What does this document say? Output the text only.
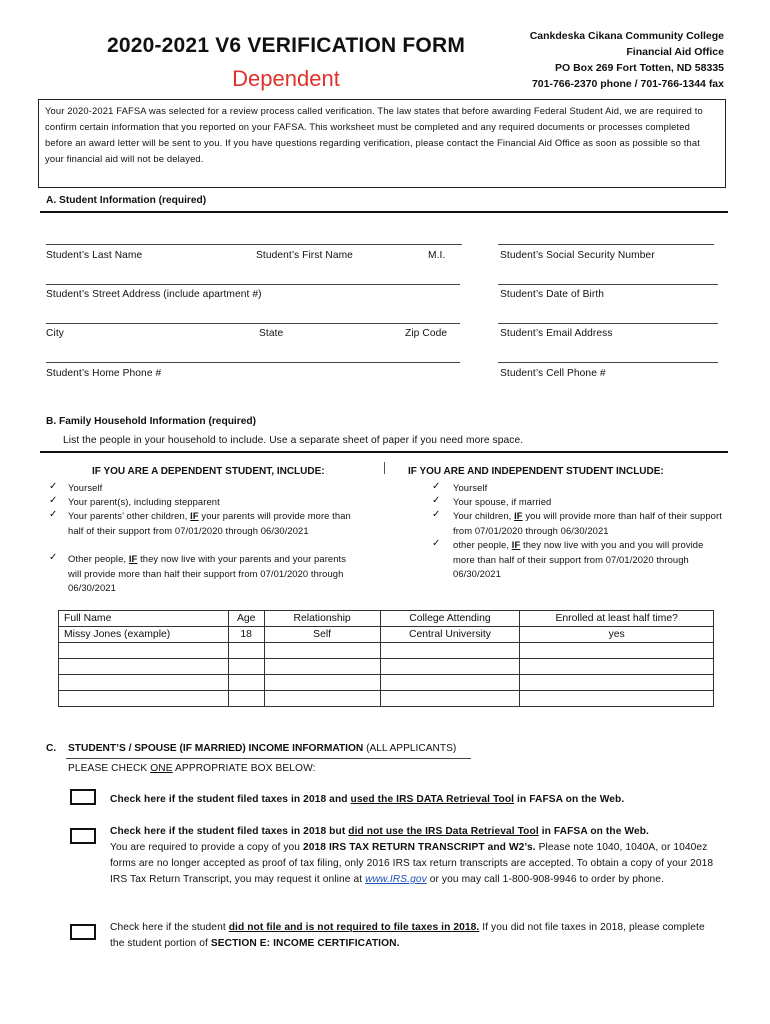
2020-2021 V6 VERIFICATION FORM
Dependent
Cankdeska Cikana Community College
Financial Aid Office
PO Box 269 Fort Totten, ND 58335
701-766-2370 phone / 701-766-1344 fax
Your 2020-2021 FAFSA was selected for a review process called verification. The law states that before awarding Federal Student Aid, we are required to confirm certain information that you reported on your FAFSA. This worksheet must be completed and any required documents or processes completed before an award letter will be sent to you. If you have questions regarding verification, please contact the Financial Aid Office as soon as possible so that your financial aid will not be delayed.
A. Student Information (required)
Student’s Last Name	Student’s First Name	M.I.	Student’s Social Security Number
Student’s Street Address (include apartment #)	Student’s Date of Birth
City	State	Zip Code	Student’s Email Address
Student’s Home Phone #	Student’s Cell Phone #
B. Family Household Information (required)
List the people in your household to include. Use a separate sheet of paper if you need more space.
IF YOU ARE A DEPENDENT STUDENT, INCLUDE:	IF YOU ARE AND INDEPENDENT STUDENT INCLUDE:
✓ Yourself
✓ Your parent(s), including stepparent
✓ Your parents’ other children, IF your parents will provide more than half of their support from 07/01/2020 through 06/30/2021
✓ Other people, IF they now live with your parents and your parents will provide more than half their support from 07/01/2020 through 06/30/2021
✓ Yourself
✓ Your spouse, if married
✓ Your children, IF you will provide more than half of their support from 07/01/2020 through 06/30/2021
✓ other people, IF they now live with you and you will provide more than half of their support from 07/01/2020 through 06/30/2021
Full Name	Age	Relationship	College Attending	Enrolled at least half time?
Missy Jones (example)	18	Self	Central University	yes

C. STUDENT’S / SPOUSE (IF MARRIED) INCOME INFORMATION (ALL APPLICANTS)
PLEASE CHECK ONE APPROPRIATE BOX BELOW:
Check here if the student filed taxes in 2018 and used the IRS DATA Retrieval Tool in FAFSA on the Web.
Check here if the student filed taxes in 2018 but did not use the IRS Data Retrieval Tool in FAFSA on the Web.
You are required to provide a copy of you 2018 IRS TAX RETURN TRANSCRIPT and W2’s. Please note 1040, 1040A, or 1040ez forms are no longer accepted as proof of tax filing, only 2016 IRS tax return transcripts are accepted. To obtain a copy of your 2018 IRS Tax Return Transcript, you may request it online at www.IRS.gov or you may call 1-800-908-9946 to order by phone.
Check here if the student did not file and is not required to file taxes in 2018. If you did not file taxes in 2018, please complete the student portion of SECTION E: INCOME CERTIFICATION.
